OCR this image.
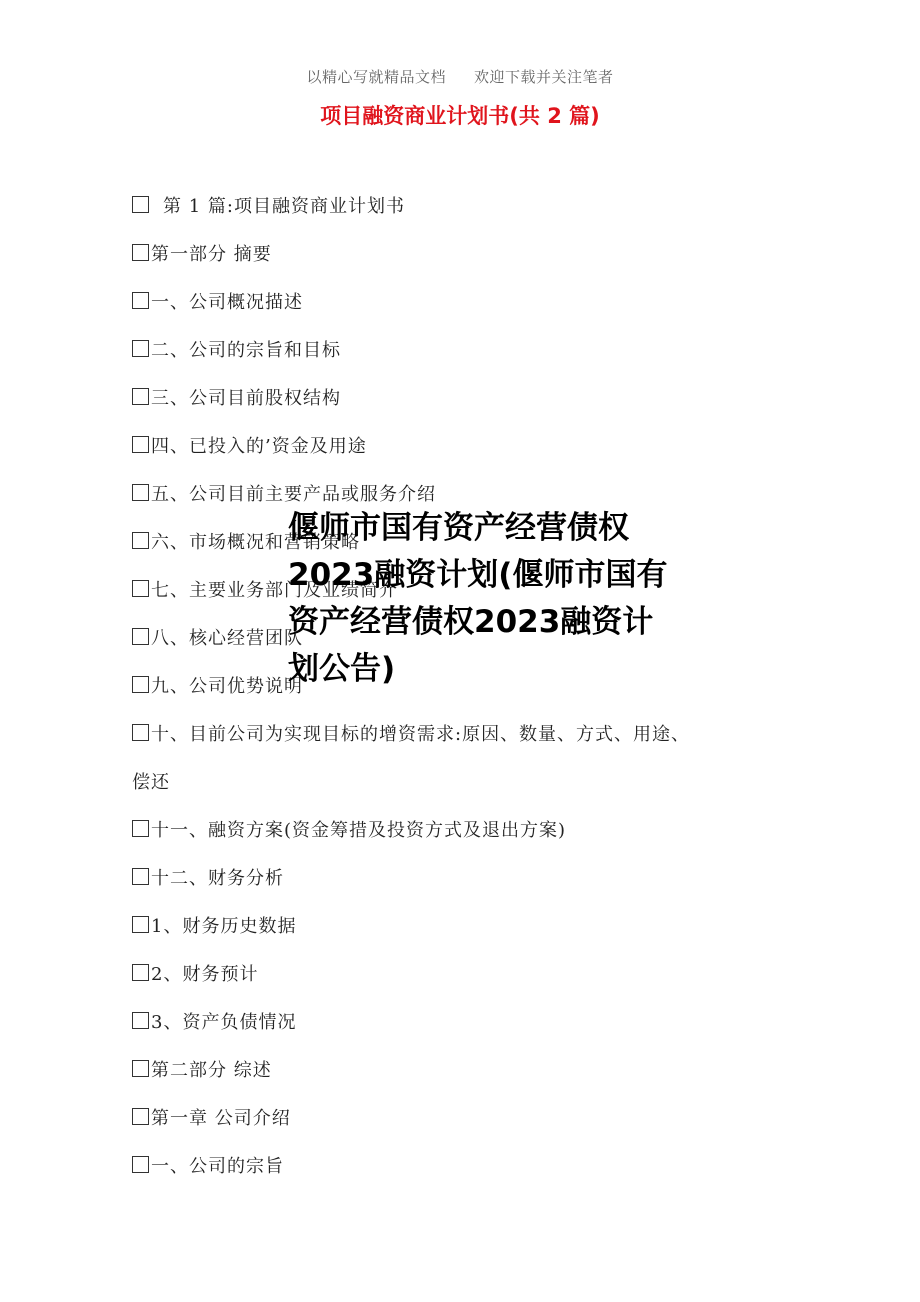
以精心写就精品文档 欢迎下载并关注笔者
项目融资商业计划书(共 2 篇)
第 1 篇:项目融资商业计划书
第一部分 摘要
一、公司概况描述
二、公司的宗旨和目标
三、公司目前股权结构
四、已投入的’资金及用途
五、公司目前主要产品或服务介绍
六、市场概况和营销策略
七、主要业务部门及业绩简介
八、核心经营团队
九、公司优势说明
十、目前公司为实现目标的增资需求:原因、数量、方式、用途、
偿还
十一、融资方案(资金筹措及投资方式及退出方案)
十二、财务分析
1、财务历史数据
2、财务预计
3、资产负债情况
第二部分 综述
第一章 公司介绍
一、公司的宗旨
偃师市国有资产经营债权2023融资计划(偃师市国有资产经营债权2023融资计划公告)
